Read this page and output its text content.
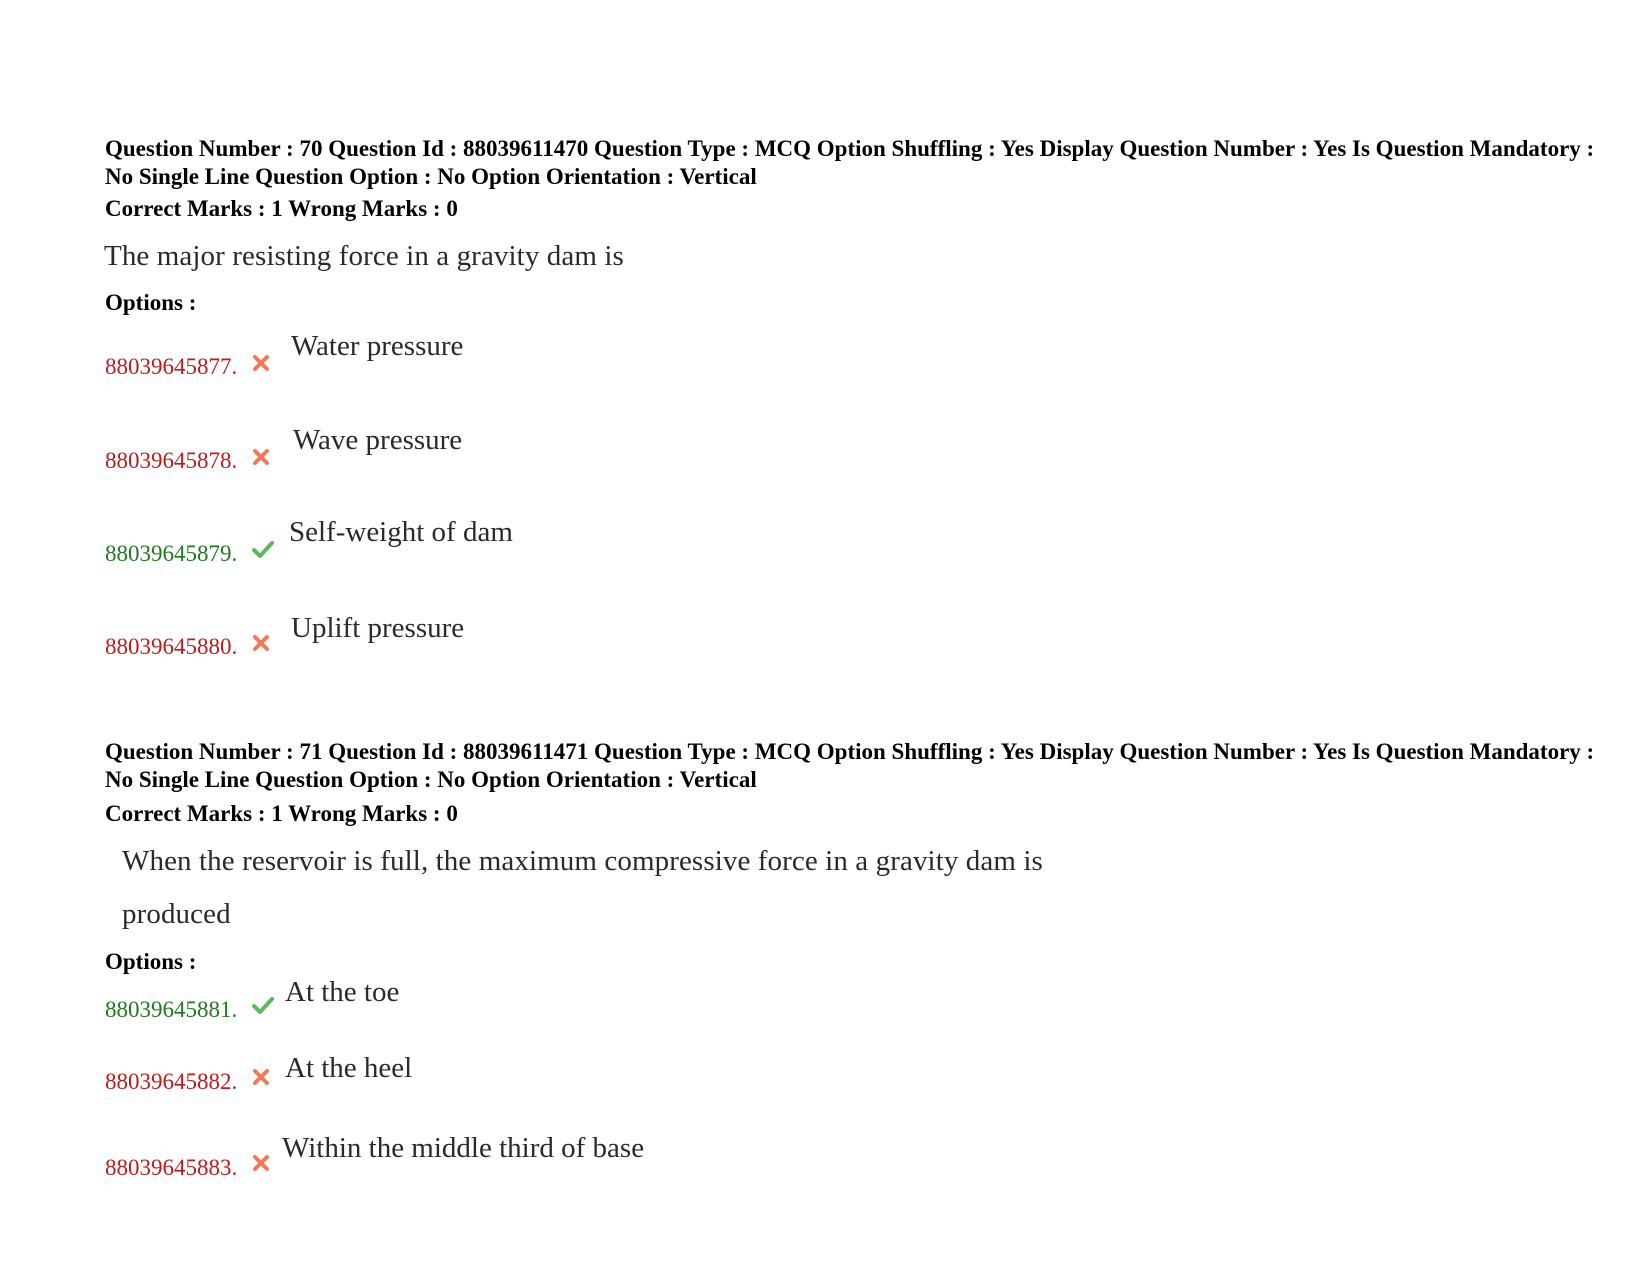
Question Number : 70 Question Id : 88039611470 Question Type : MCQ Option Shuffling : Yes Display Question Number : Yes Is Question Mandatory : No Single Line Question Option : No Option Orientation : Vertical
Correct Marks : 1 Wrong Marks : 0
The major resisting force in a gravity dam is
Options :
88039645877.
Water pressure
88039645878.
Wave pressure
88039645879.
Self-weight of dam
88039645880.
Uplift pressure
Question Number : 71 Question Id : 88039611471 Question Type : MCQ Option Shuffling : Yes Display Question Number : Yes Is Question Mandatory : No Single Line Question Option : No Option Orientation : Vertical
Correct Marks : 1 Wrong Marks : 0
When the reservoir is full, the maximum compressive force in a gravity dam is
produced
Options :
88039645881.
At the toe
88039645882. At the heel
88039645883.
Within the middle third of base
